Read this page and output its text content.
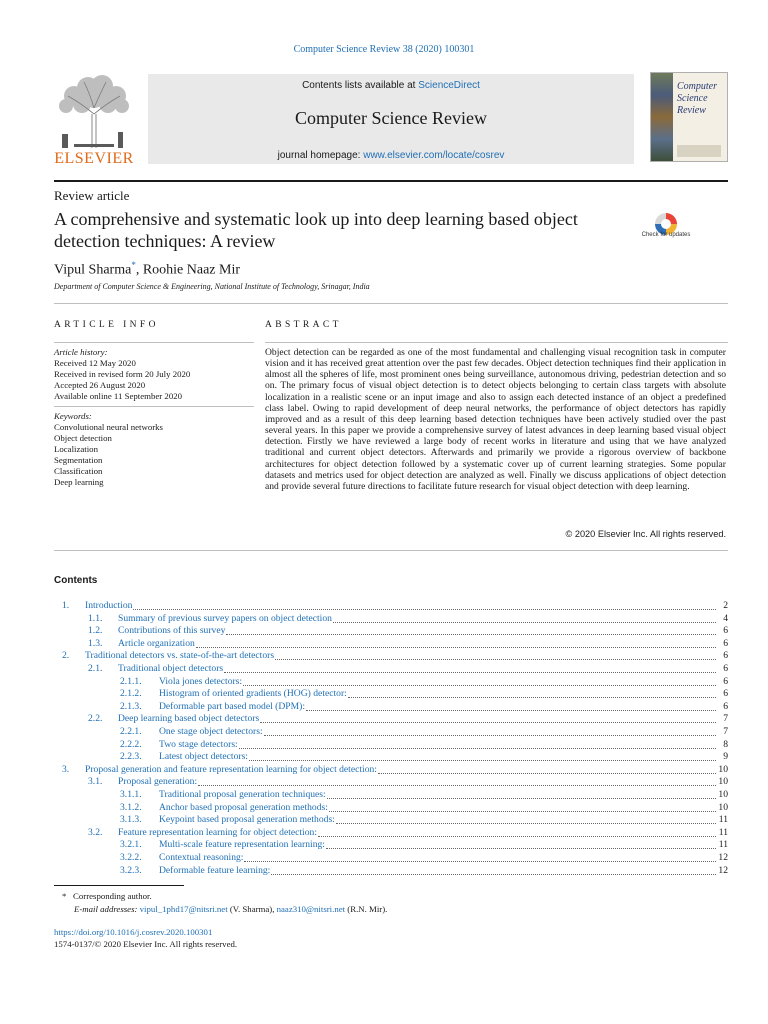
Computer Science Review 38 (2020) 100301
ELSEVIER
Contents lists available at ScienceDirect
Computer Science Review
journal homepage: www.elsevier.com/locate/cosrev
Computer
Science
Review
Review article
A comprehensive and systematic look up into deep learning based object detection techniques: A review	Check for updates
Vipul Sharma*, Roohie Naaz Mir
Department of Computer Science & Engineering, National Institute of Technology, Srinagar, India
ARTICLE INFO	ABSTRACT
Article history:
Received 12 May 2020
Received in revised form 20 July 2020
Accepted 26 August 2020
Available online 11 September 2020
Keywords:
Convolutional neural networks
Object detection
Localization
Segmentation
Classification
Deep learning
Object detection can be regarded as one of the most fundamental and challenging visual recognition task in computer vision and it has received great attention over the past few decades. Object detection techniques find their application in almost all the spheres of life, most prominent ones being surveillance, autonomous driving, pedestrian detection and so on. The primary focus of visual object detection is to detect objects belonging to certain class targets with absolute localization in a realistic scene or an input image and also to assign each detected instance of an object a predefined class label. Owing to rapid development of deep neural networks, the performance of object detectors has rapidly improved and as a result of this deep learning based detection techniques have been actively studied over the past several years. In this paper we provide a comprehensive survey of latest advances in deep learning based visual object detection. Firstly we have reviewed a large body of recent works in literature and using that we have analyzed traditional and current object detectors. Afterwards and primarily we provide a rigorous overview of backbone architectures for object detection followed by a systematic cover up of current learning strategies. Some popular datasets and metrics used for object detection are analyzed as well. Finally we discuss applications of object detection and provide several future directions to facilitate future research for visual object detection with deep learning.
© 2020 Elsevier Inc. All rights reserved.
Contents
1. Introduction	2
1.1. Summary of previous survey papers on object detection	4
1.2. Contributions of this survey	6
1.3. Article organization	6
2. Traditional detectors vs. state-of-the-art detectors	6
2.1. Traditional object detectors	6
2.1.1. Viola jones detectors:	6
2.1.2. Histogram of oriented gradients (HOG) detector:	6
2.1.3. Deformable part based model (DPM):	6
2.2. Deep learning based object detectors	7
2.2.1. One stage object detectors:	7
2.2.2. Two stage detectors:	8
2.2.3. Latest object detectors:	9
3. Proposal generation and feature representation learning for object detection:	10
3.1. Proposal generation:	10
3.1.1. Traditional proposal generation techniques:	10
3.1.2. Anchor based proposal generation methods:	10
3.1.3. Keypoint based proposal generation methods:	11
3.2. Feature representation learning for object detection:	11
3.2.1. Multi-scale feature representation learning:	11
3.2.2. Contextual reasoning:	12
3.2.3. Deformable feature learning:	12
* Corresponding author.
E-mail addresses: vipul_1phd17@nitsri.net (V. Sharma), naaz310@nitsri.net (R.N. Mir).
https://doi.org/10.1016/j.cosrev.2020.100301
1574-0137/© 2020 Elsevier Inc. All rights reserved.
